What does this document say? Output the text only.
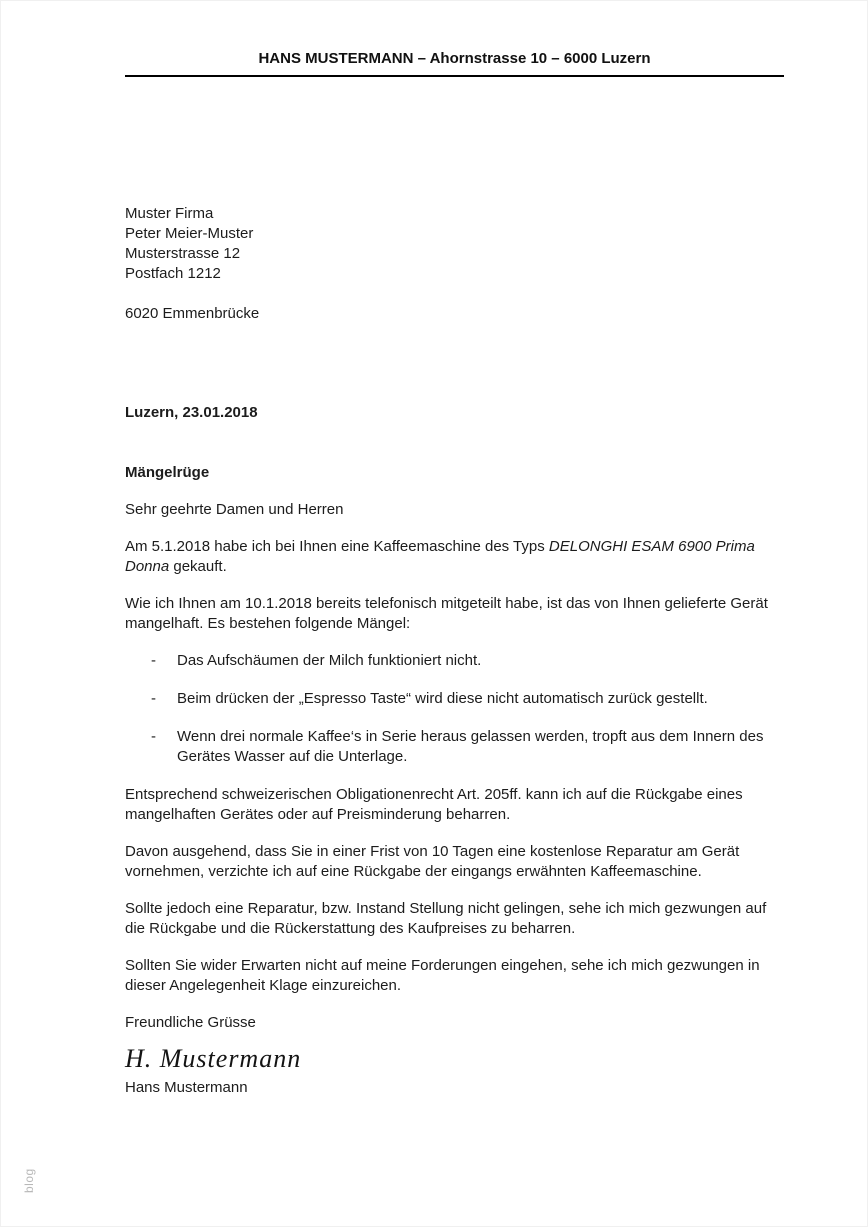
HANS MUSTERMANN – Ahornstrasse 10 – 6000 Luzern
Muster Firma
Peter Meier-Muster
Musterstrasse 12
Postfach 1212
6020 Emmenbrücke
Luzern, 23.01.2018
Mängelrüge

Sehr geehrte Damen und Herren

Am 5.1.2018 habe ich bei Ihnen eine Kaffeemaschine des Typs DELONGHI ESAM 6900 Prima Donna gekauft.

Wie ich Ihnen am 10.1.2018 bereits telefonisch mitgeteilt habe, ist das von Ihnen gelieferte Gerät mangelhaft. Es bestehen folgende Mängel:

- Das Aufschäumen der Milch funktioniert nicht.
- Beim drücken der „Espresso Taste“ wird diese nicht automatisch zurück gestellt.
- Wenn drei normale Kaffee‘s in Serie heraus gelassen werden, tropft aus dem Innern des Gerätes Wasser auf die Unterlage.

Entsprechend schweizerischen Obligationenrecht Art. 205ff. kann ich auf die Rückgabe eines mangelhaften Gerätes oder auf Preisminderung beharren.

Davon ausgehend, dass Sie in einer Frist von 10 Tagen eine kostenlose Reparatur am Gerät vornehmen, verzichte ich auf eine Rückgabe der eingangs erwähnten Kaffeemaschine.

Sollte jedoch eine Reparatur, bzw. Instand Stellung nicht gelingen, sehe ich mich gezwungen auf die Rückgabe und die Rückerstattung des Kaufpreises zu beharren.

Sollten Sie wider Erwarten nicht auf meine Forderungen eingehen, sehe ich mich gezwungen in dieser Angelegenheit Klage einzureichen.

Freundliche Grüsse

H. Mustermann
Hans Mustermann
blog
